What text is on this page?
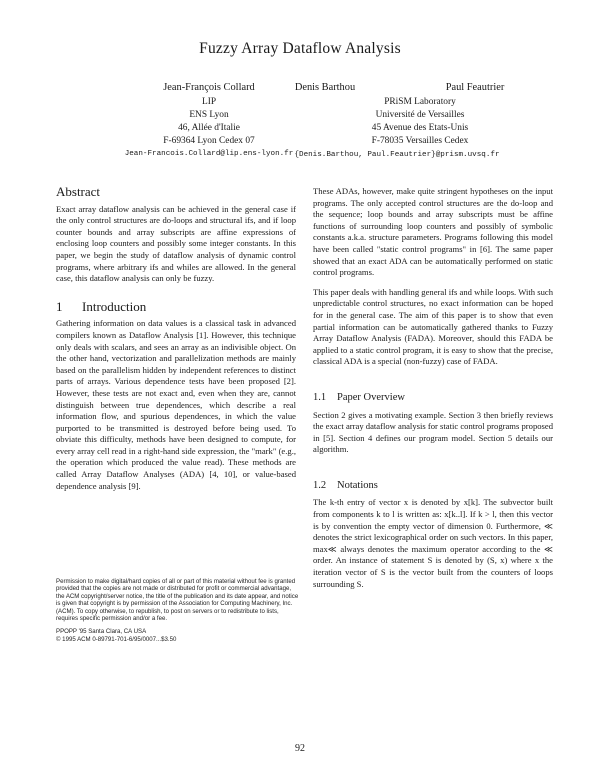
Fuzzy Array Dataflow Analysis
Jean-François Collard
LIP
ENS Lyon
46, Allée d'Italie
F-69364 Lyon Cedex 07
Jean-Francois.Collard@lip.ens-lyon.fr
Denis Barthou	Paul Feautrier
PRiSM Laboratory
Université de Versailles
45 Avenue des Etats-Unis
F-78035 Versailles Cedex
{Denis.Barthou, Paul.Feautrier}@prism.uvsq.fr
Abstract

Exact array dataflow analysis can be achieved in the general case if the only control structures are do-loops and structural ifs, and if loop counter bounds and array subscripts are affine expressions of enclosing loop counters and possibly some integer constants. In this paper, we begin the study of dataflow analysis of dynamic control programs, where arbitrary ifs and whiles are allowed. In the general case, this dataflow analysis can only be fuzzy.

1 Introduction

Gathering information on data values is a classical task in advanced compilers known as Dataflow Analysis [1]. However, this technique only deals with scalars, and sees an array as an indivisible object. On the other hand, vectorization and parallelization methods are mainly based on the parallelism hidden by independent references to distinct parts of arrays. Various dependence tests have been proposed [2]. However, these tests are not exact and, even when they are, cannot distinguish between true dependences, which describe a real information flow, and spurious dependences, in which the value purported to be transmitted is destroyed before being used. To obviate this difficulty, methods have been designed to compute, for every array cell read in a right-hand side expression, the "mark" (e.g., the operation which produced the value read). These methods are called Array Dataflow Analyses (ADA) [4, 10], or value-based dependence analysis [9].

These ADAs, however, make quite stringent hypotheses on the input programs. The only accepted control structures are the do-loop and the sequence; loop bounds and array subscripts must be affine functions of surrounding loop counters and possibly of symbolic constants a.k.a. structure parameters. Programs following this model have been called "static control programs" in [6]. The same paper showed that an exact ADA can be automatically performed on static control programs.

This paper deals with handling general ifs and while loops. With such unpredictable control structures, no exact information can be hoped for in the general case. The aim of this paper is to show that even partial information can be automatically gathered thanks to Fuzzy Array Dataflow Analysis (FADA). Moreover, should this FADA be applied to a static control program, it is easy to show that the precise, classical ADA is a special (non-fuzzy) case of FADA.

1.1 Paper Overview

Section 2 gives a motivating example. Section 3 then briefly reviews the exact array dataflow analysis for static control programs proposed in [5]. Section 4 defines our program model. Section 5 details our algorithm.

1.2 Notations

The k-th entry of vector x is denoted by x[k]. The subvector built from components k to l is written as: x[k..l]. If k > l, then this vector is by convention the empty vector of dimension 0. Furthermore, ≪ denotes the strict lexicographical order on such vectors. In this paper, max≪ always denotes the maximum operator according to the ≪ order. An instance of statement S is denoted by (S, x) where x the iteration vector of S is the vector built from the counters of loops surrounding S.

Permission to make digital/hard copies of all or part of this material without fee is granted provided that the copies are not made or distributed for profit or commercial advantage, the ACM copyright/server notice, the title of the publication and its date appear, and notice is given that copyright is by permission of the Association for Computing Machinery, Inc. (ACM). To copy otherwise, to republish, to post on servers or to redistribute to lists, requires specific permission and/or a fee.

PPOPP '95 Santa Clara, CA USA
© 1995 ACM 0-89791-701-6/95/0007...$3.50
92
